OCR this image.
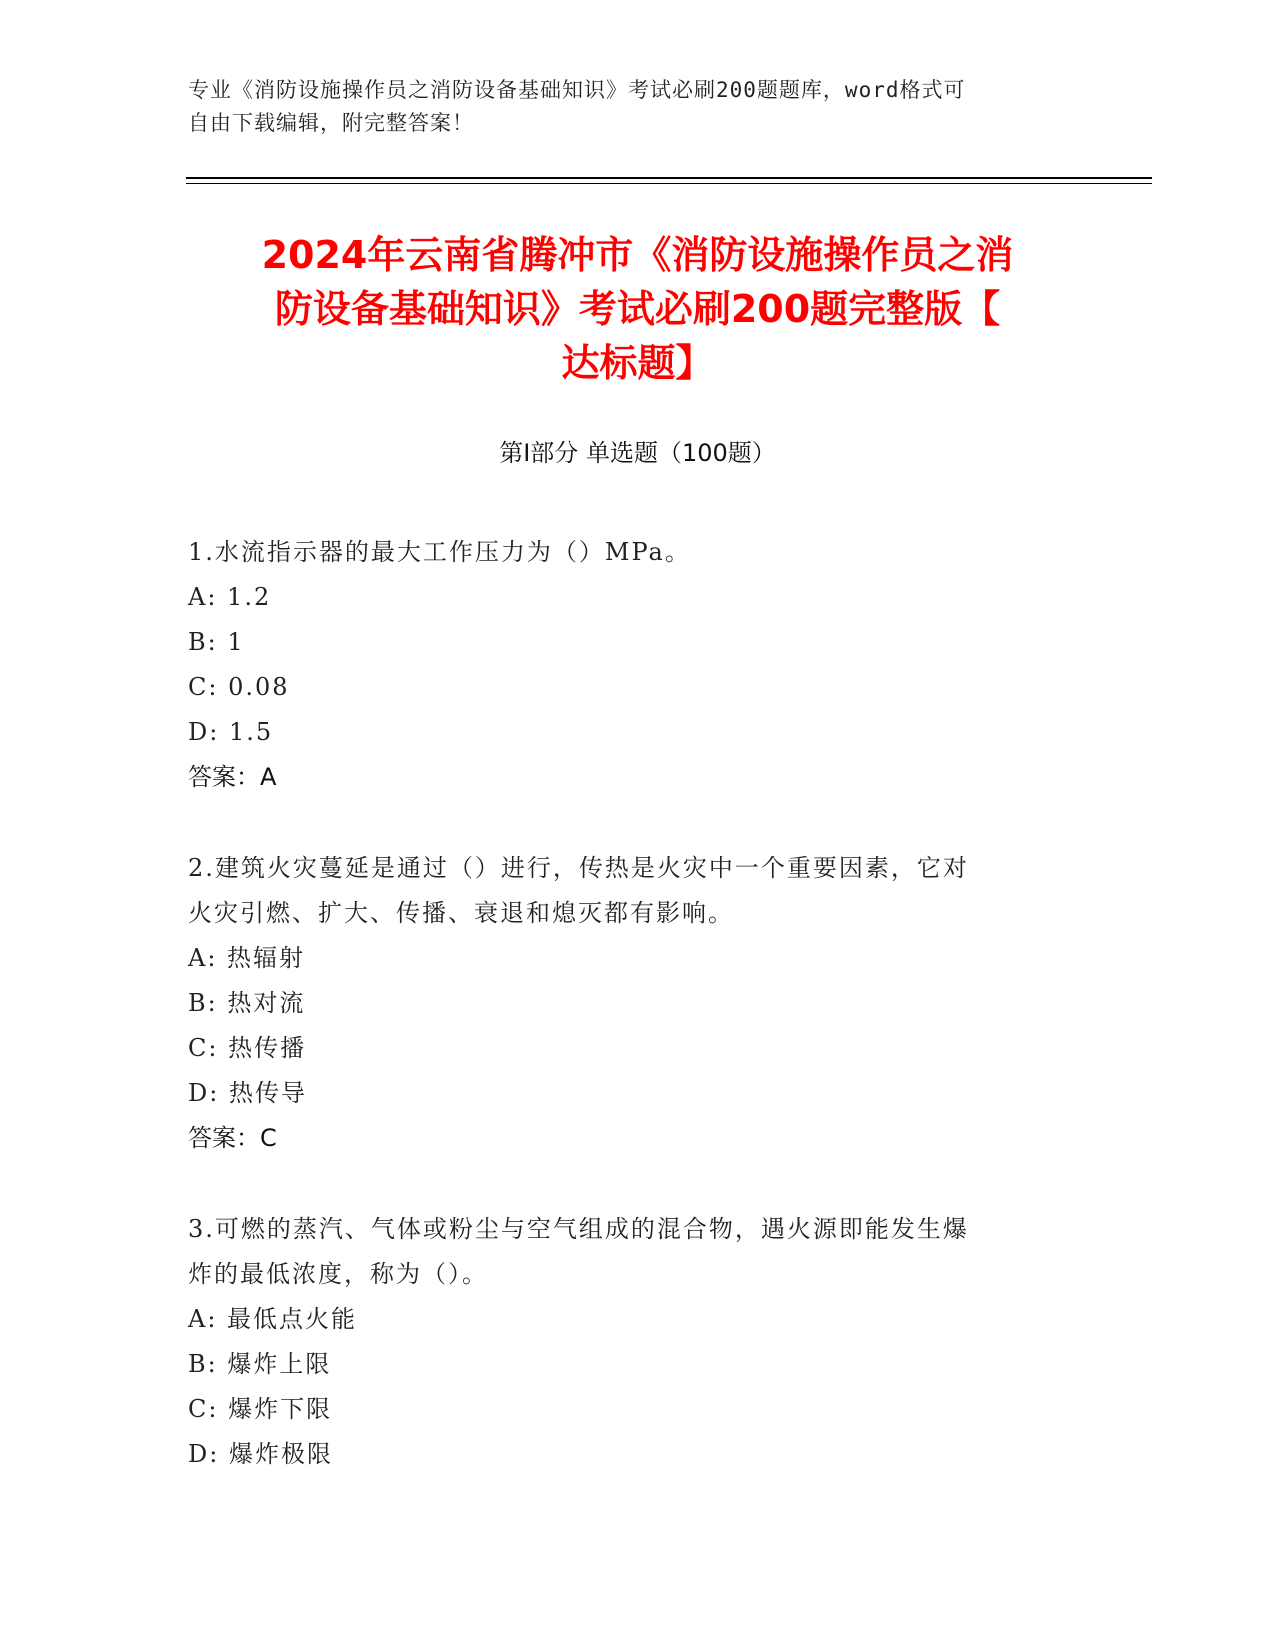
专业《消防设施操作员之消防设备基础知识》考试必刷200题题库，word格式可
自由下载编辑，附完整答案！
2024年云南省腾冲市《消防设施操作员之消
防设备基础知识》考试必刷200题完整版【
达标题】
第Ⅰ部分 单选题（100题）
1.水流指示器的最大工作压力为（）MPa。
A: 1.2
B: 1
C: 0.08
D: 1.5
答案：A
2.建筑火灾蔓延是通过（）进行，传热是火灾中一个重要因素，它对
火灾引燃、扩大、传播、衰退和熄灭都有影响。
A: 热辐射
B: 热对流
C: 热传播
D: 热传导
答案：C
3.可燃的蒸汽、气体或粉尘与空气组成的混合物，遇火源即能发生爆
炸的最低浓度，称为（）。
A: 最低点火能
B: 爆炸上限
C: 爆炸下限
D: 爆炸极限
